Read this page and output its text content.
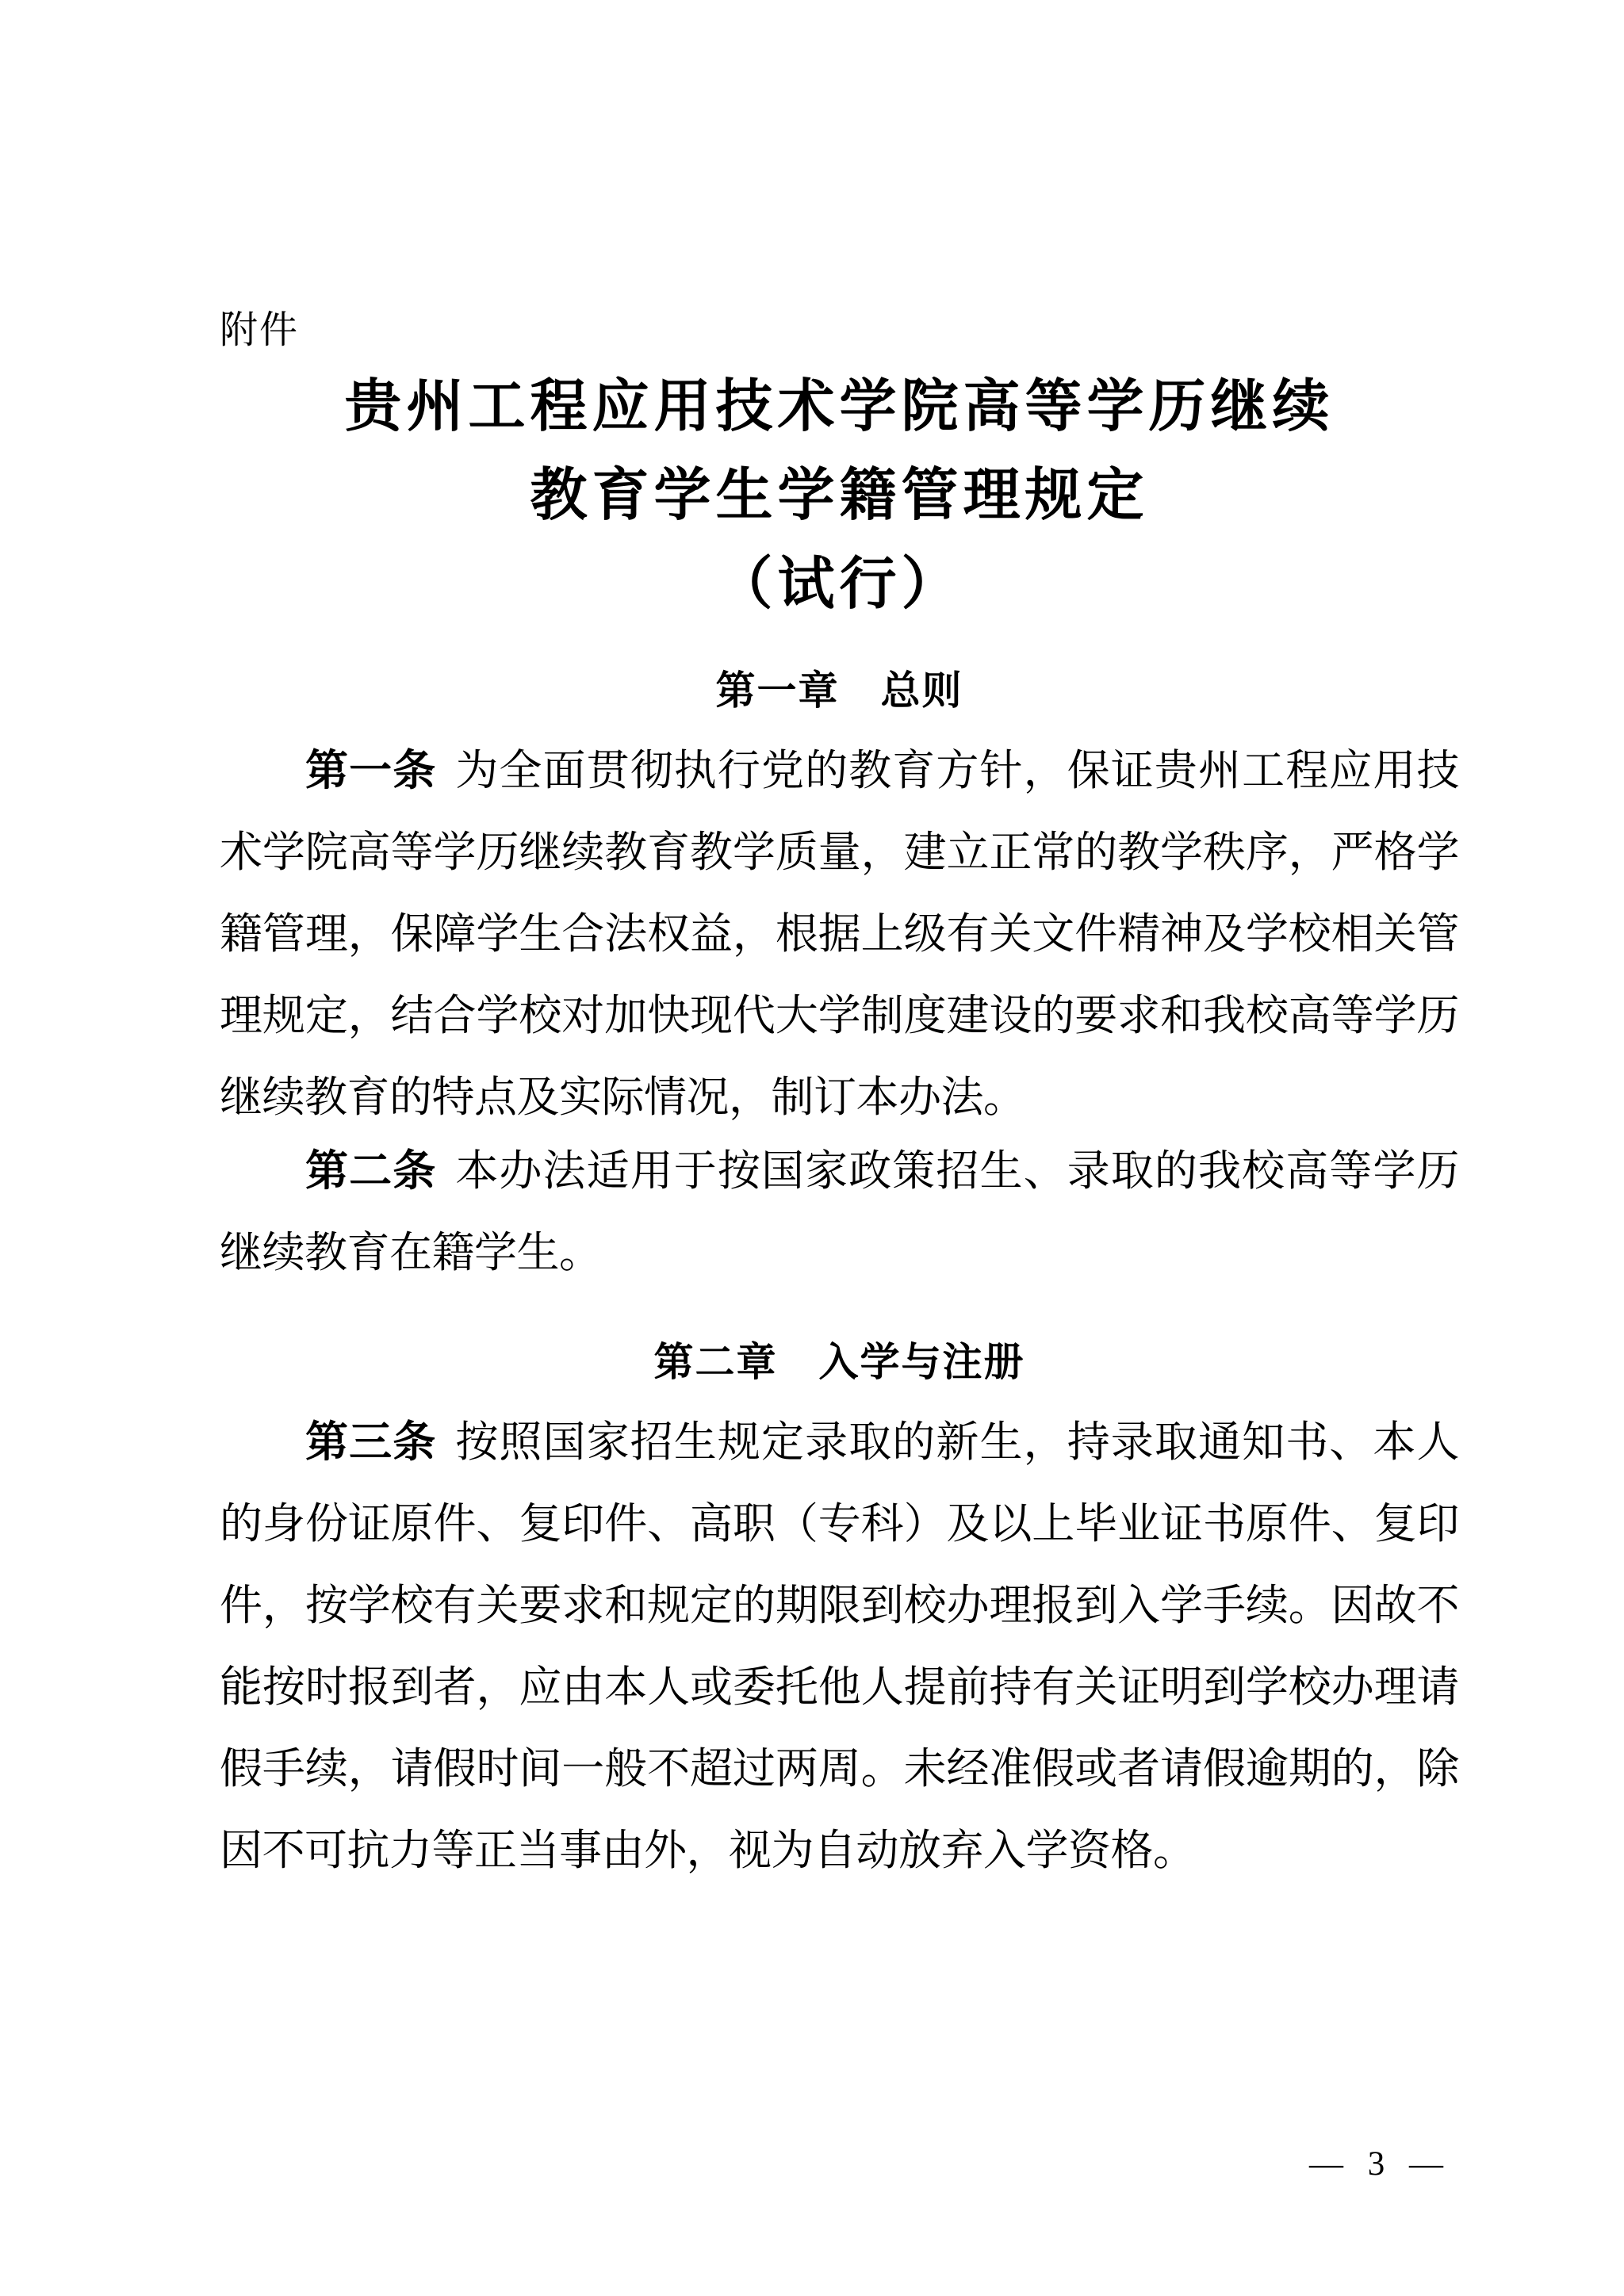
附件
贵州工程应用技术学院高等学历继续
教育学生学籍管理规定
（试行）
第一章　总则

第一条 为全面贯彻执行党的教育方针，保证贵州工程应用技术学院高等学历继续教育教学质量，建立正常的教学秩序，严格学籍管理，保障学生合法权益，根据上级有关文件精神及学校相关管理规定，结合学校对加快现代大学制度建设的要求和我校高等学历继续教育的特点及实际情况，制订本办法。

第二条 本办法适用于按国家政策招生、录取的我校高等学历继续教育在籍学生。

第二章　入学与注册

第三条 按照国家招生规定录取的新生，持录取通知书、本人的身份证原件、复印件、高职（专科）及以上毕业证书原件、复印件，按学校有关要求和规定的期限到校办理报到入学手续。因故不能按时报到者，应由本人或委托他人提前持有关证明到学校办理请假手续，请假时间一般不超过两周。未经准假或者请假逾期的，除因不可抗力等正当事由外，视为自动放弃入学资格。

— 3 —
